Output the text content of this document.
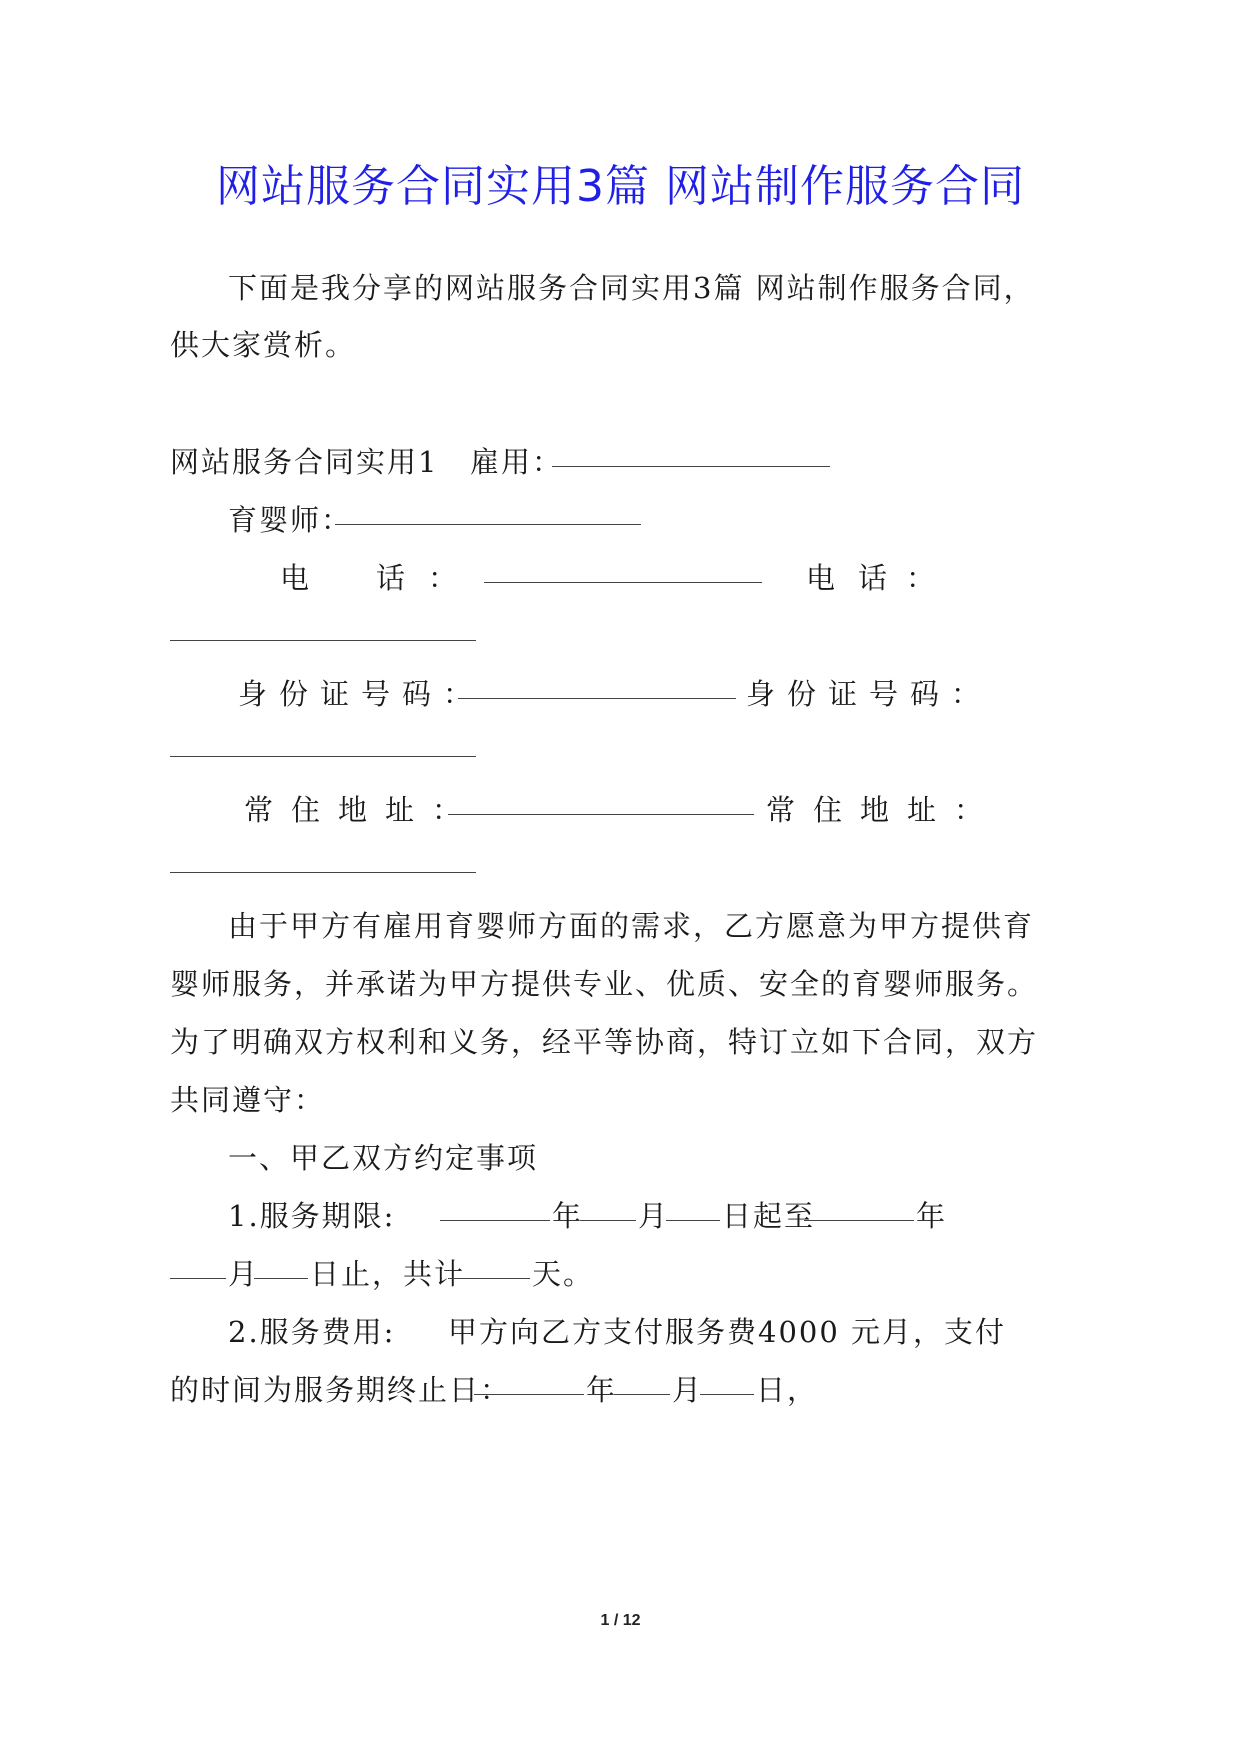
网站服务合同实用3篇 网站制作服务合同
下面是我分享的网站服务合同实用3篇 网站制作服务合同，
供大家赏析。
网站服务合同实用1 雇用：
育婴师：
电 话 ：	电 话 ：
身份证号码：	身份证号码：
常住地址：	常住地址：
由于甲方有雇用育婴师方面的需求，乙方愿意为甲方提供育
婴师服务，并承诺为甲方提供专业、优质、安全的育婴师服务。
为了明确双方权利和义务，经平等协商，特订立如下合同，双方
共同遵守：
一、甲乙双方约定事项
1.服务期限:	年 月 日起至	年
月 日止，共计 天。
2.服务费用: 甲方向乙方支付服务费4000 元月，支付
的时间为服务期终止日：	年 月 日，
1 / 12
